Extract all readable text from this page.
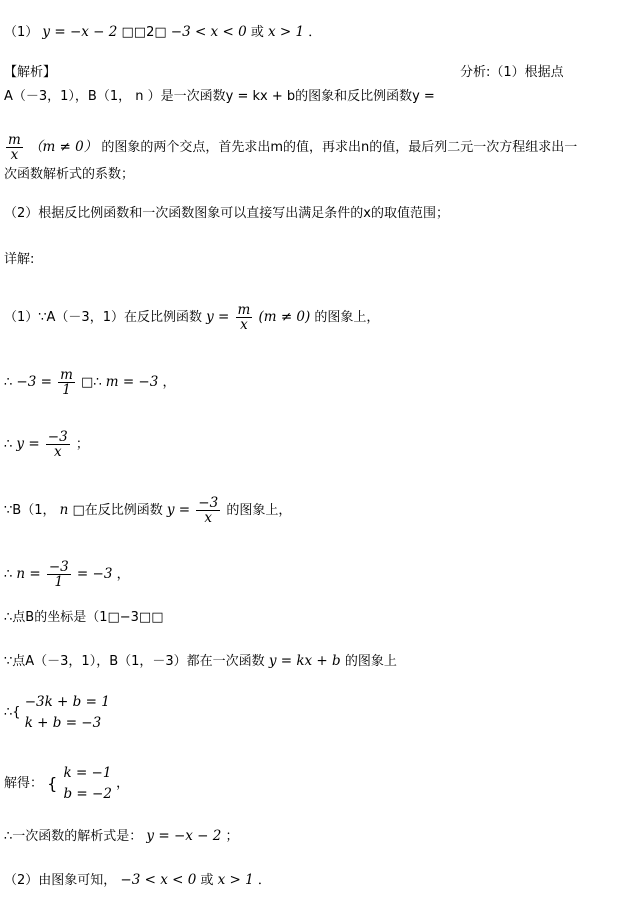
（1） y = −x − 2 □□2□ −3 < x < 0 或 x > 1 ．
【解析】	分析:（1）根据点
A（－3，1），B（1， n ）是一次函数y = kx + b的图象和反比例函数y =
$\frac{m}{x} (m \ne 0)$ 的图象的两个交点，首先求出m的值，再求出n的值，最后列二元一次方程组求出一
次函数解析式的系数；
（2）根据反比例函数和一次函数图象可以直接写出满足条件的x的取值范围；
详解:
（1）∵A（－3，1）在反比例函数 $y = \frac{m}{x} (m \ne 0)$ 的图象上，
∴ $-3 = \frac{m}{1}$ □∴ m = −3 ，
∴ $y = \frac{-3}{x}$ ；
∵B（1， n □在反比例函数 $y = \frac{-3}{x}$ 的图象上，
∴ $n = \frac{-3}{1} = -3$ ，
∴点B的坐标是（1□−3□□
∵点A（－3，1），B（1，－3）都在一次函数 y = kx + b 的图象上
∴{
−3k + b = 1
k + b = −3
解得： {
k = −1
b = −2
，
∴一次函数的解析式是： y = −x − 2 ；
（2）由图象可知， −3 < x < 0 或 x > 1 ．
